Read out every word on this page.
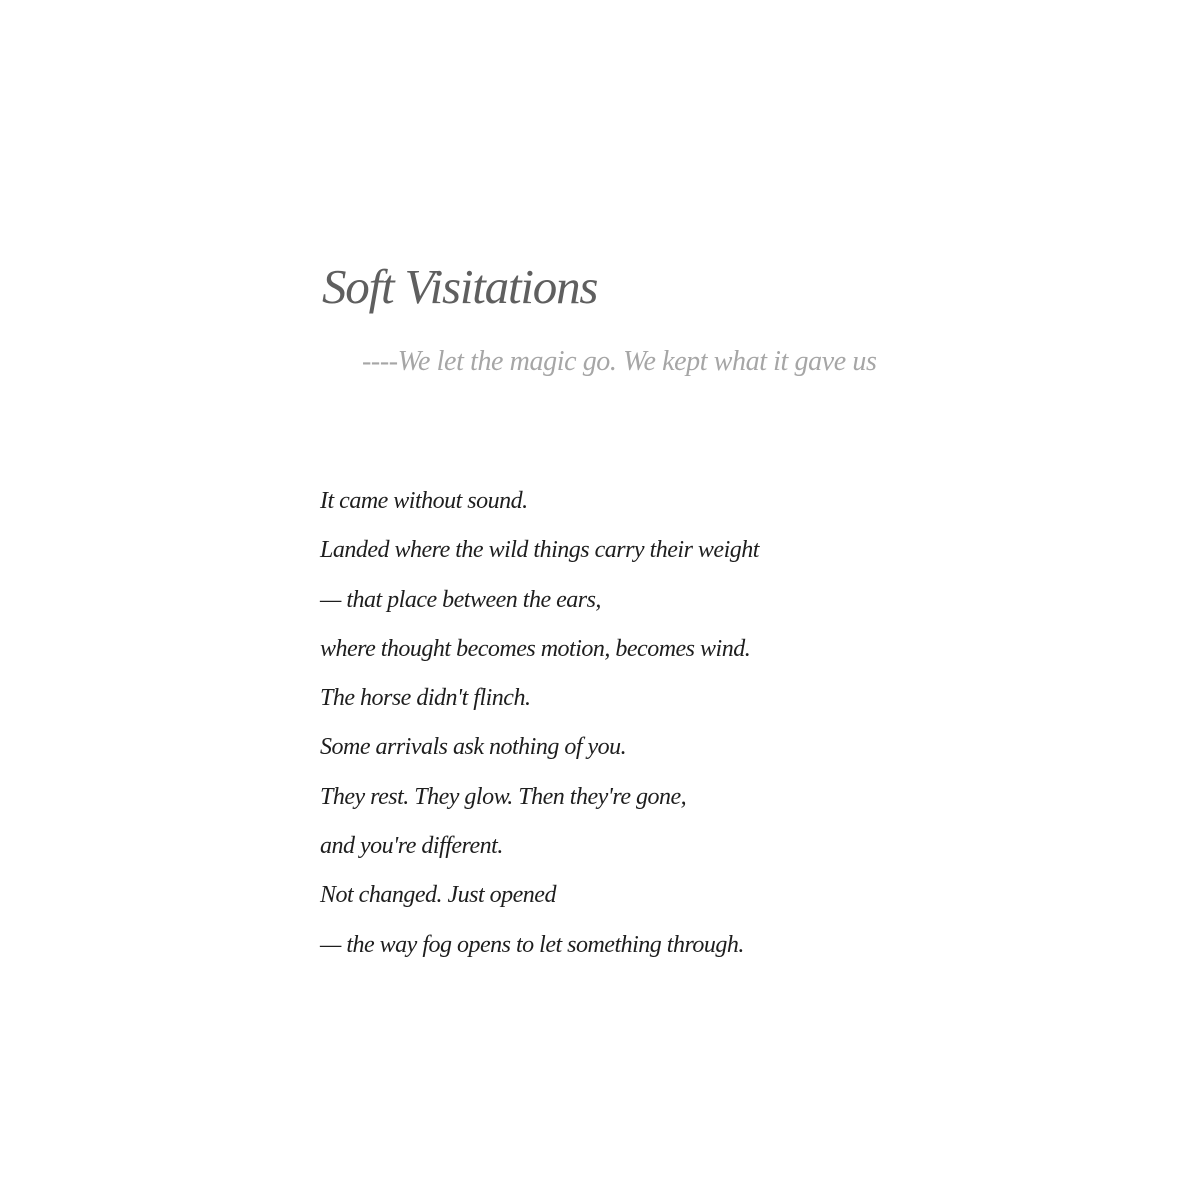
Soft Visitations

----We let the magic go. We kept what it gave us

It came without sound.
Landed where the wild things carry their weight
— that place between the ears,
where thought becomes motion, becomes wind.
The horse didn't flinch.
Some arrivals ask nothing of you.
They rest. They glow. Then they're gone,
and you're different.
Not changed. Just opened
— the way fog opens to let something through.
